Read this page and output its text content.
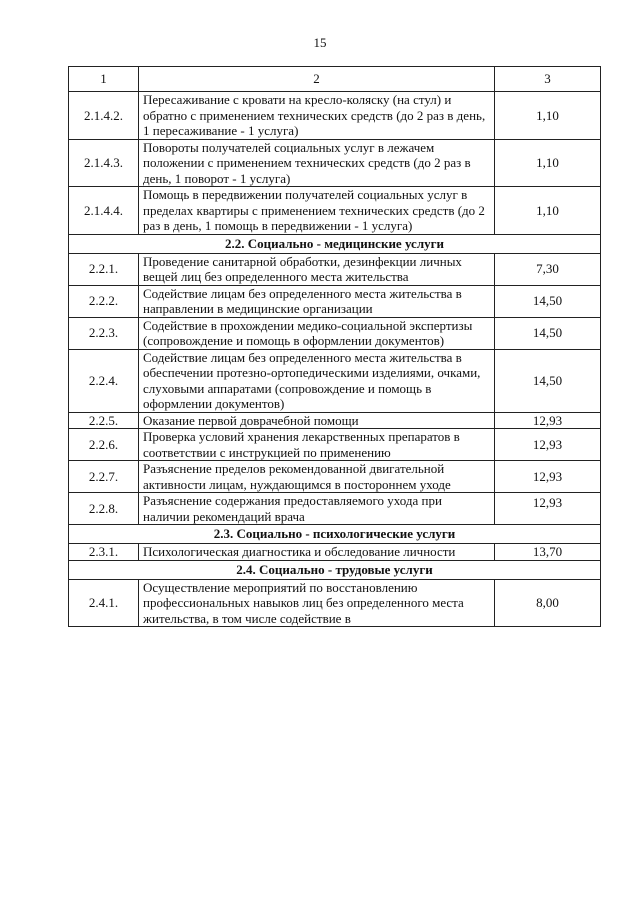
15
1	2	3
2.1.4.2.	Пересаживание с кровати на кресло-коляску (на стул) и обратно с применением технических средств (до 2 раз в день, 1 пересаживание - 1 услуга)	1,10
2.1.4.3.	Повороты получателей социальных услуг в лежачем положении с применением технических средств (до 2 раз в день, 1 поворот - 1 услуга)	1,10
2.1.4.4.	Помощь в передвижении получателей социальных услуг в пределах квартиры с применением технических средств (до 2 раз в день, 1 помощь в передвижении - 1 услуга)	1,10
2.2. Социально - медицинские услуги		
2.2.1.	Проведение санитарной обработки, дезинфекции личных вещей лиц без определенного места жительства	7,30
2.2.2.	Содействие лицам без определенного места жительства в направлении в медицинские организации	14,50
2.2.3.	Содействие в прохождении медико-социальной экспертизы (сопровождение и помощь в оформлении документов)	14,50
2.2.4.	Содействие лицам без определенного места жительства в обеспечении протезно-ортопедическими изделиями, очками, слуховыми аппаратами (сопровождение и помощь в оформлении документов)	14,50
2.2.5.	Оказание первой доврачебной помощи	12,93
2.2.6.	Проверка условий хранения лекарственных препаратов в соответствии с инструкцией по применению	12,93
2.2.7.	Разъяснение пределов рекомендованной двигательной активности лицам, нуждающимся в постороннем уходе	12,93
2.2.8.	Разъяснение содержания предоставляемого ухода при наличии рекомендаций врача	12,93
2.3. Социально - психологические услуги		
2.3.1.	Психологическая диагностика и обследование личности	13,70
2.4. Социально - трудовые услуги		
2.4.1.	Осуществление мероприятий по восстановлению профессиональных навыков лиц без определенного места жительства, в том числе содействие в	8,00
